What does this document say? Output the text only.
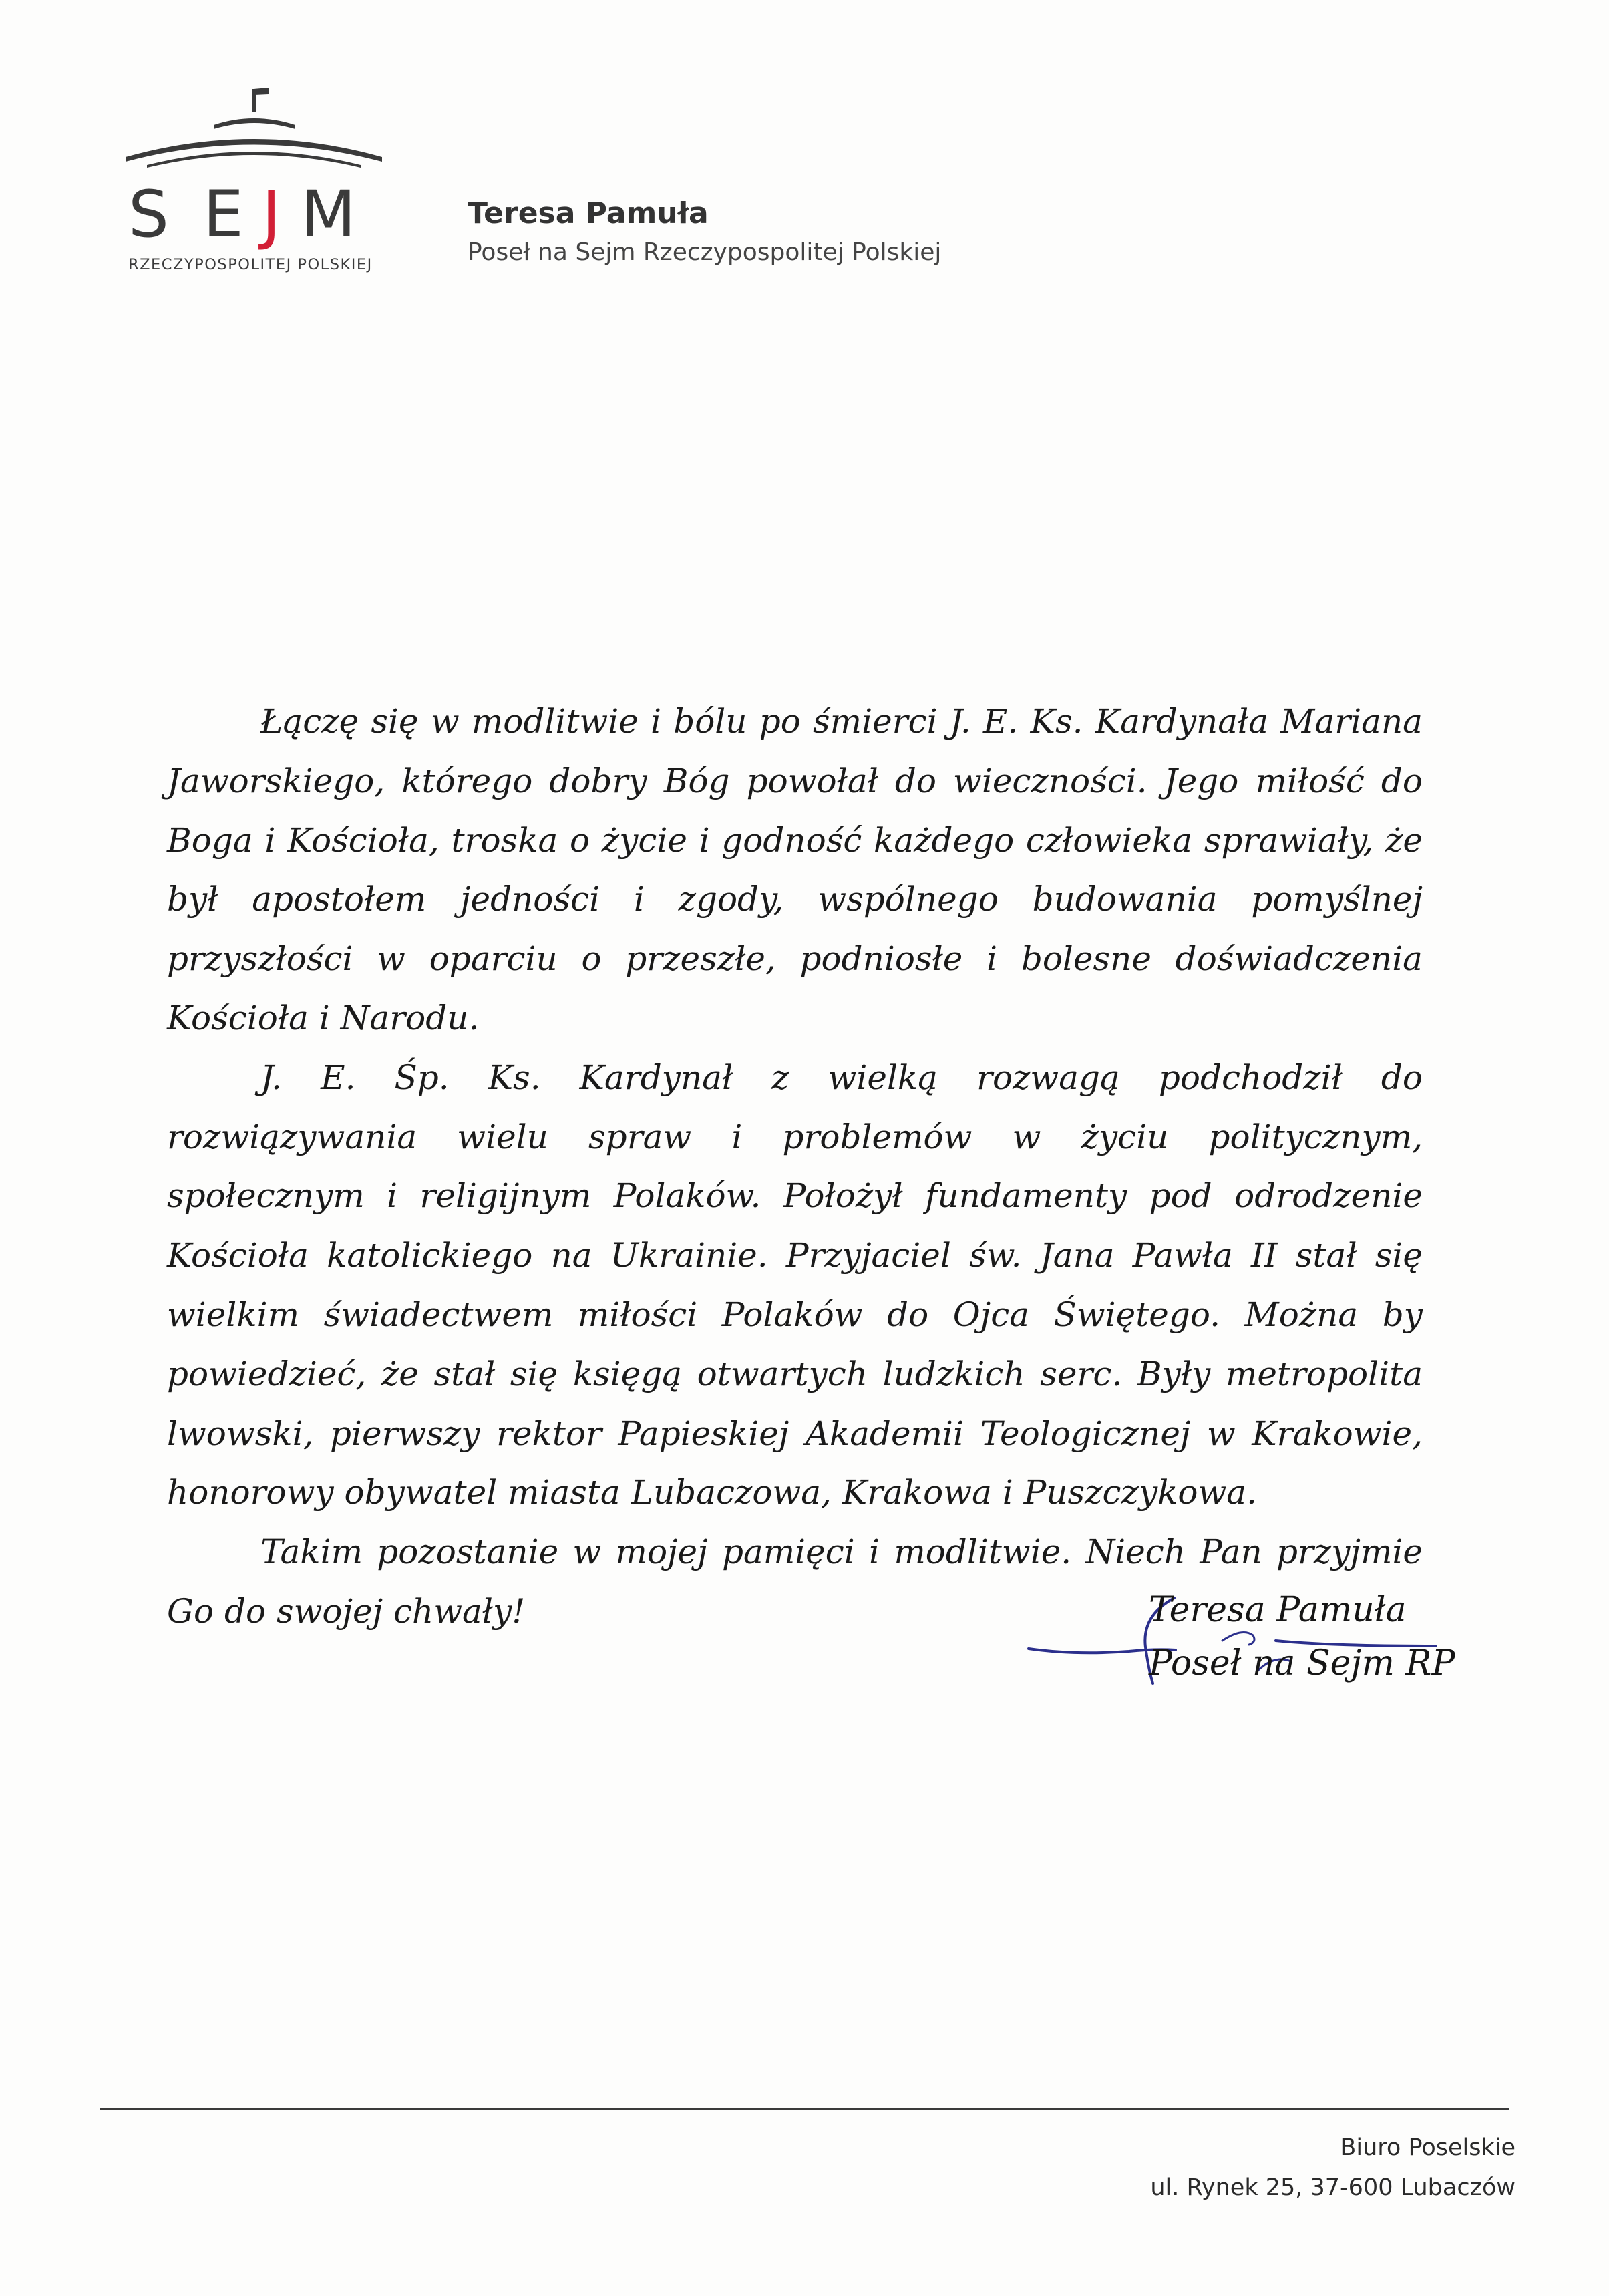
S E J M
RZECZYPOSPOLITEJ POLSKIEJ
Teresa Pamuła
Poseł na Sejm Rzeczypospolitej Polskiej

Łączę się w modlitwie i bólu po śmierci J. E. Ks. Kardynała Mariana Jaworskiego, którego dobry Bóg powołał do wieczności. Jego miłość do Boga i Kościoła, troska o życie i godność każdego człowieka sprawiały, że był apostołem jedności i zgody, wspólnego budowania pomyślnej przyszłości w oparciu o przeszłe, podniosłe i bolesne doświadczenia Kościoła i Narodu.

J. E. Śp. Ks. Kardynał z wielką rozwagą podchodził do rozwiązywania wielu spraw i problemów w życiu politycznym, społecznym i religijnym Polaków. Położył fundamenty pod odrodzenie Kościoła katolickiego na Ukrainie. Przyjaciel św. Jana Pawła II stał się wielkim świadectwem miłości Polaków do Ojca Świętego. Można by powiedzieć, że stał się księgą otwartych ludzkich serc. Były metropolita lwowski, pierwszy rektor Papieskiej Akademii Teologicznej w Krakowie, honorowy obywatel miasta Lubaczowa, Krakowa i Puszczykowa.

Takim pozostanie w mojej pamięci i modlitwie. Niech Pan przyjmie Go do swojej chwały!	Teresa Pamuła
Poseł na Sejm RP
Biuro Poselskie
ul. Rynek 25, 37-600 Lubaczów
